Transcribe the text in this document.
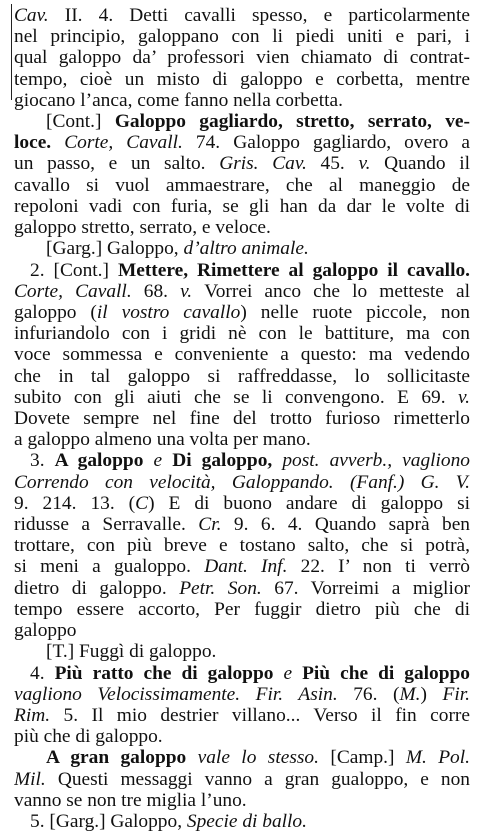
Cav. II. 4. Detti cavalli spesso, e particolarmente
nel principio, galoppano con li piedi uniti e pari, i
qual galoppo da’ professori vien chiamato di contrat-
tempo, cioè un misto di galoppo e corbetta, mentre
giocano l’anca, come fanno nella corbetta.
[Cont.] Galoppo gagliardo, stretto, serrato, ve-
loce. Corte, Cavall. 74. Galoppo gagliardo, overo a
un passo, e un salto. Gris. Cav. 45. v. Quando il
cavallo si vuol ammaestrare, che al maneggio de
repoloni vadi con furia, se gli han da dar le volte di
galoppo stretto, serrato, e veloce.
[Garg.] Galoppo, d’altro animale.
2. [Cont.] Mettere, Rimettere al galoppo il cavallo.
Corte, Cavall. 68. v. Vorrei anco che lo metteste al
galoppo (il vostro cavallo) nelle ruote piccole, non
infuriandolo con i gridi nè con le battiture, ma con
voce sommessa e conveniente a questo: ma vedendo
che in tal galoppo si raffreddasse, lo sollicitaste
subito con gli aiuti che se li convengono. E 69. v.
Dovete sempre nel fine del trotto furioso rimetterlo
a galoppo almeno una volta per mano.
3. A galoppo e Di galoppo, post. avverb., vagliono
Correndo con velocità, Galoppando. (Fanf.) G. V.
9. 214. 13. (C) E di buono andare di galoppo si
ridusse a Serravalle. Cr. 9. 6. 4. Quando saprà ben
trottare, con più breve e tostano salto, che si potrà,
si meni a gualoppo. Dant. Inf. 22. I’ non ti verrò
dietro di galoppo. Petr. Son. 67. Vorreimi a miglior
tempo essere accorto, Per fuggir dietro più che di
galoppo
[T.] Fuggì di galoppo.
4. Più ratto che di galoppo e Più che di galoppo
vagliono Velocissimamente. Fir. Asin. 76. (M.) Fir.
Rim. 5. Il mio destrier villano... Verso il fin corre
più che di galoppo.
A gran galoppo vale lo stesso. [Camp.] M. Pol.
Mil. Questi messaggi vanno a gran gualoppo, e non
vanno se non tre miglia l’uno.
5. [Garg.] Galoppo, Specie di ballo.
